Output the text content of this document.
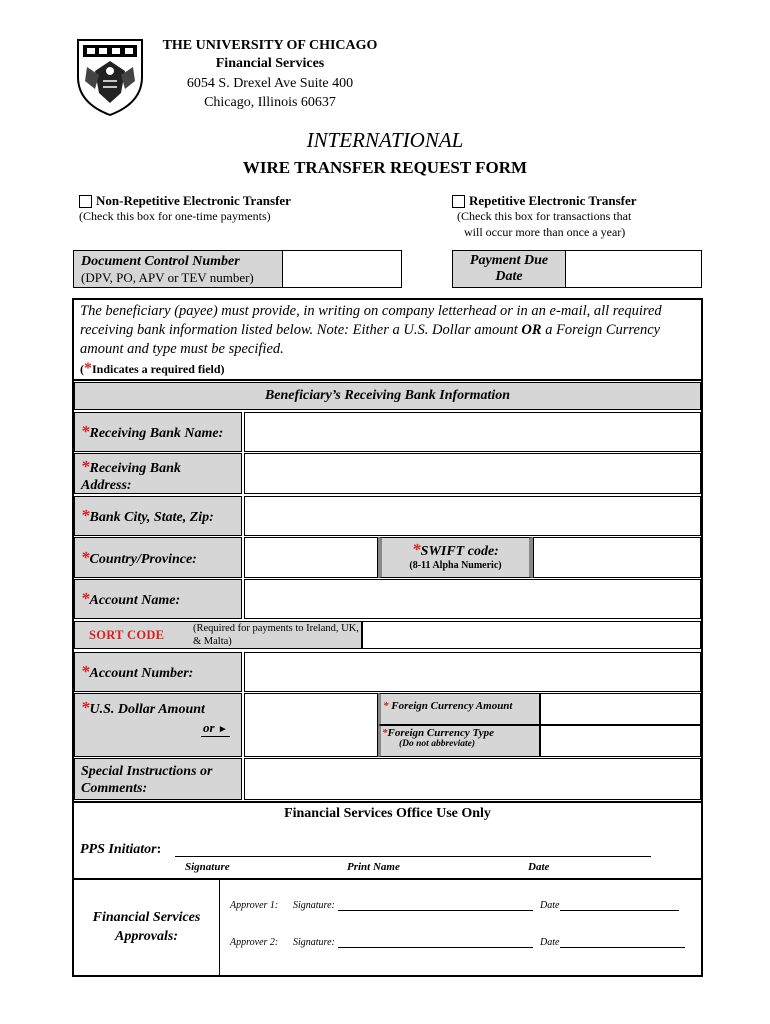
THE UNIVERSITY OF CHICAGO
Financial Services
6054 S. Drexel Ave Suite 400
Chicago, Illinois 60637
INTERNATIONAL
WIRE TRANSFER REQUEST FORM
Non-Repetitive Electronic Transfer
(Check this box for one-time payments)
Repetitive Electronic Transfer
(Check this box for transactions that
will occur more than once a year)
Document Control Number
(DPV, PO, APV or TEV number)
Payment Due
Date
The beneficiary (payee) must provide, in writing on company letterhead or in an e-mail, all required receiving bank information listed below. Note: Either a U.S. Dollar amount OR a Foreign Currency amount and type must be specified.
(*Indicates a required field)
Beneficiary’s Receiving Bank Information
*Receiving Bank Name:
*Receiving Bank
Address:
*Bank City, State, Zip:
*Country/Province:
*SWIFT code:
(8-11 Alpha Numeric)
*Account Name:
SORT CODE	(Required for payments to Ireland, UK, & Malta)
*Account Number:
*U.S. Dollar Amount
or ►
* Foreign Currency Amount
*Foreign Currency Type
(Do not abbreviate)
Special Instructions or
Comments:
Financial Services Office Use Only
PPS Initiator:
Signature	Print Name	Date
Financial Services
Approvals:
Approver 1: Signature:	Date
Approver 2: Signature:	Date
